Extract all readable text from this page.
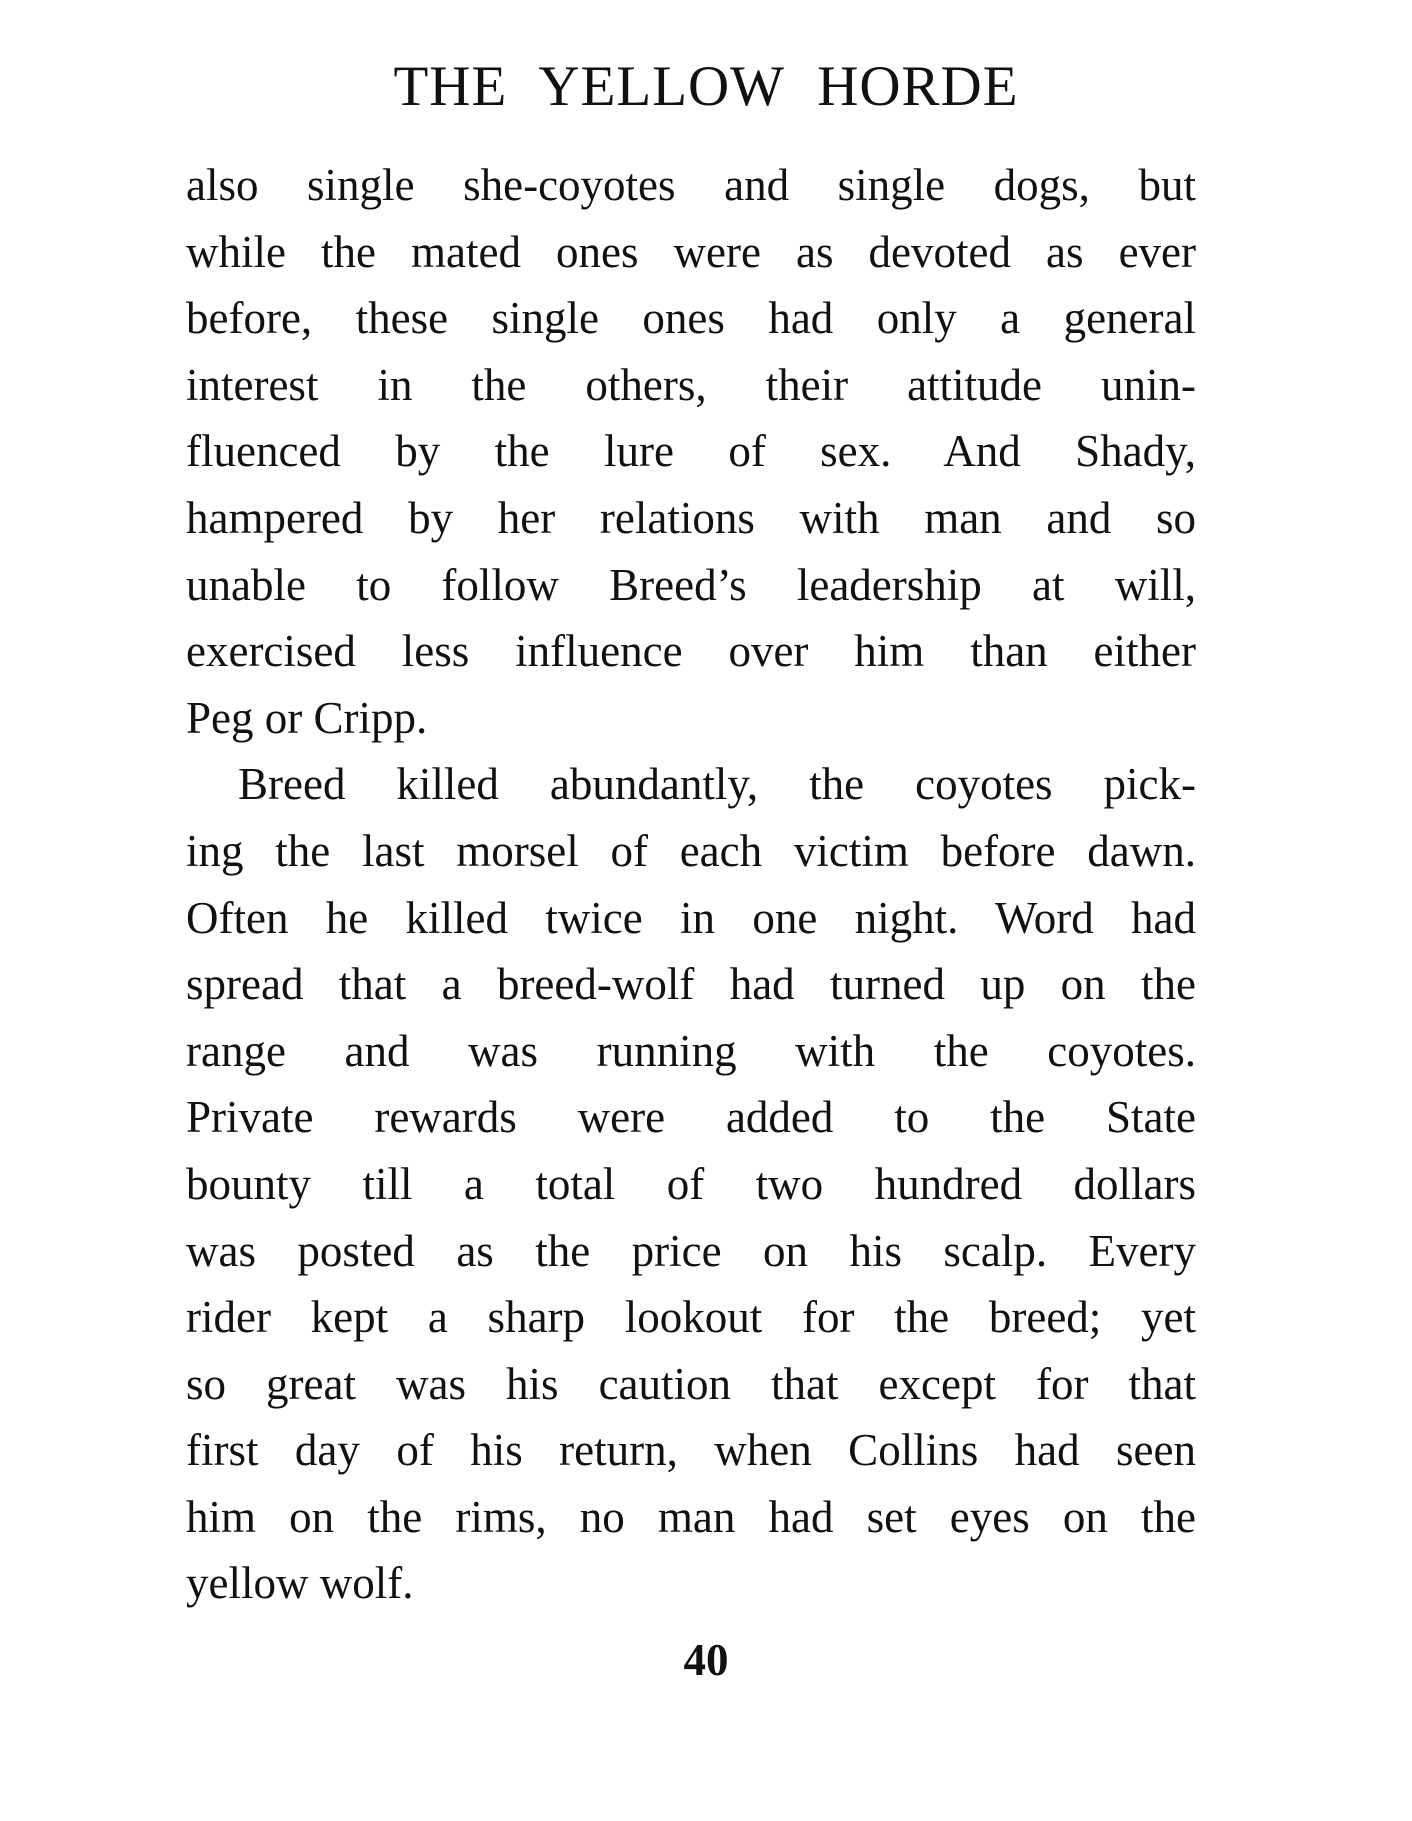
THE YELLOW HORDE
also single she-coyotes and single dogs, but
while the mated ones were as devoted as ever
before, these single ones had only a general
interest in the others, their attitude unin-
fluenced by the lure of sex. And Shady,
hampered by her relations with man and so
unable to follow Breed’s leadership at will,
exercised less influence over him than either
Peg or Cripp.
Breed killed abundantly, the coyotes pick-
ing the last morsel of each victim before dawn.
Often he killed twice in one night. Word had
spread that a breed-wolf had turned up on the
range and was running with the coyotes.
Private rewards were added to the State
bounty till a total of two hundred dollars
was posted as the price on his scalp. Every
rider kept a sharp lookout for the breed; yet
so great was his caution that except for that
first day of his return, when Collins had seen
him on the rims, no man had set eyes on the
yellow wolf.
40
